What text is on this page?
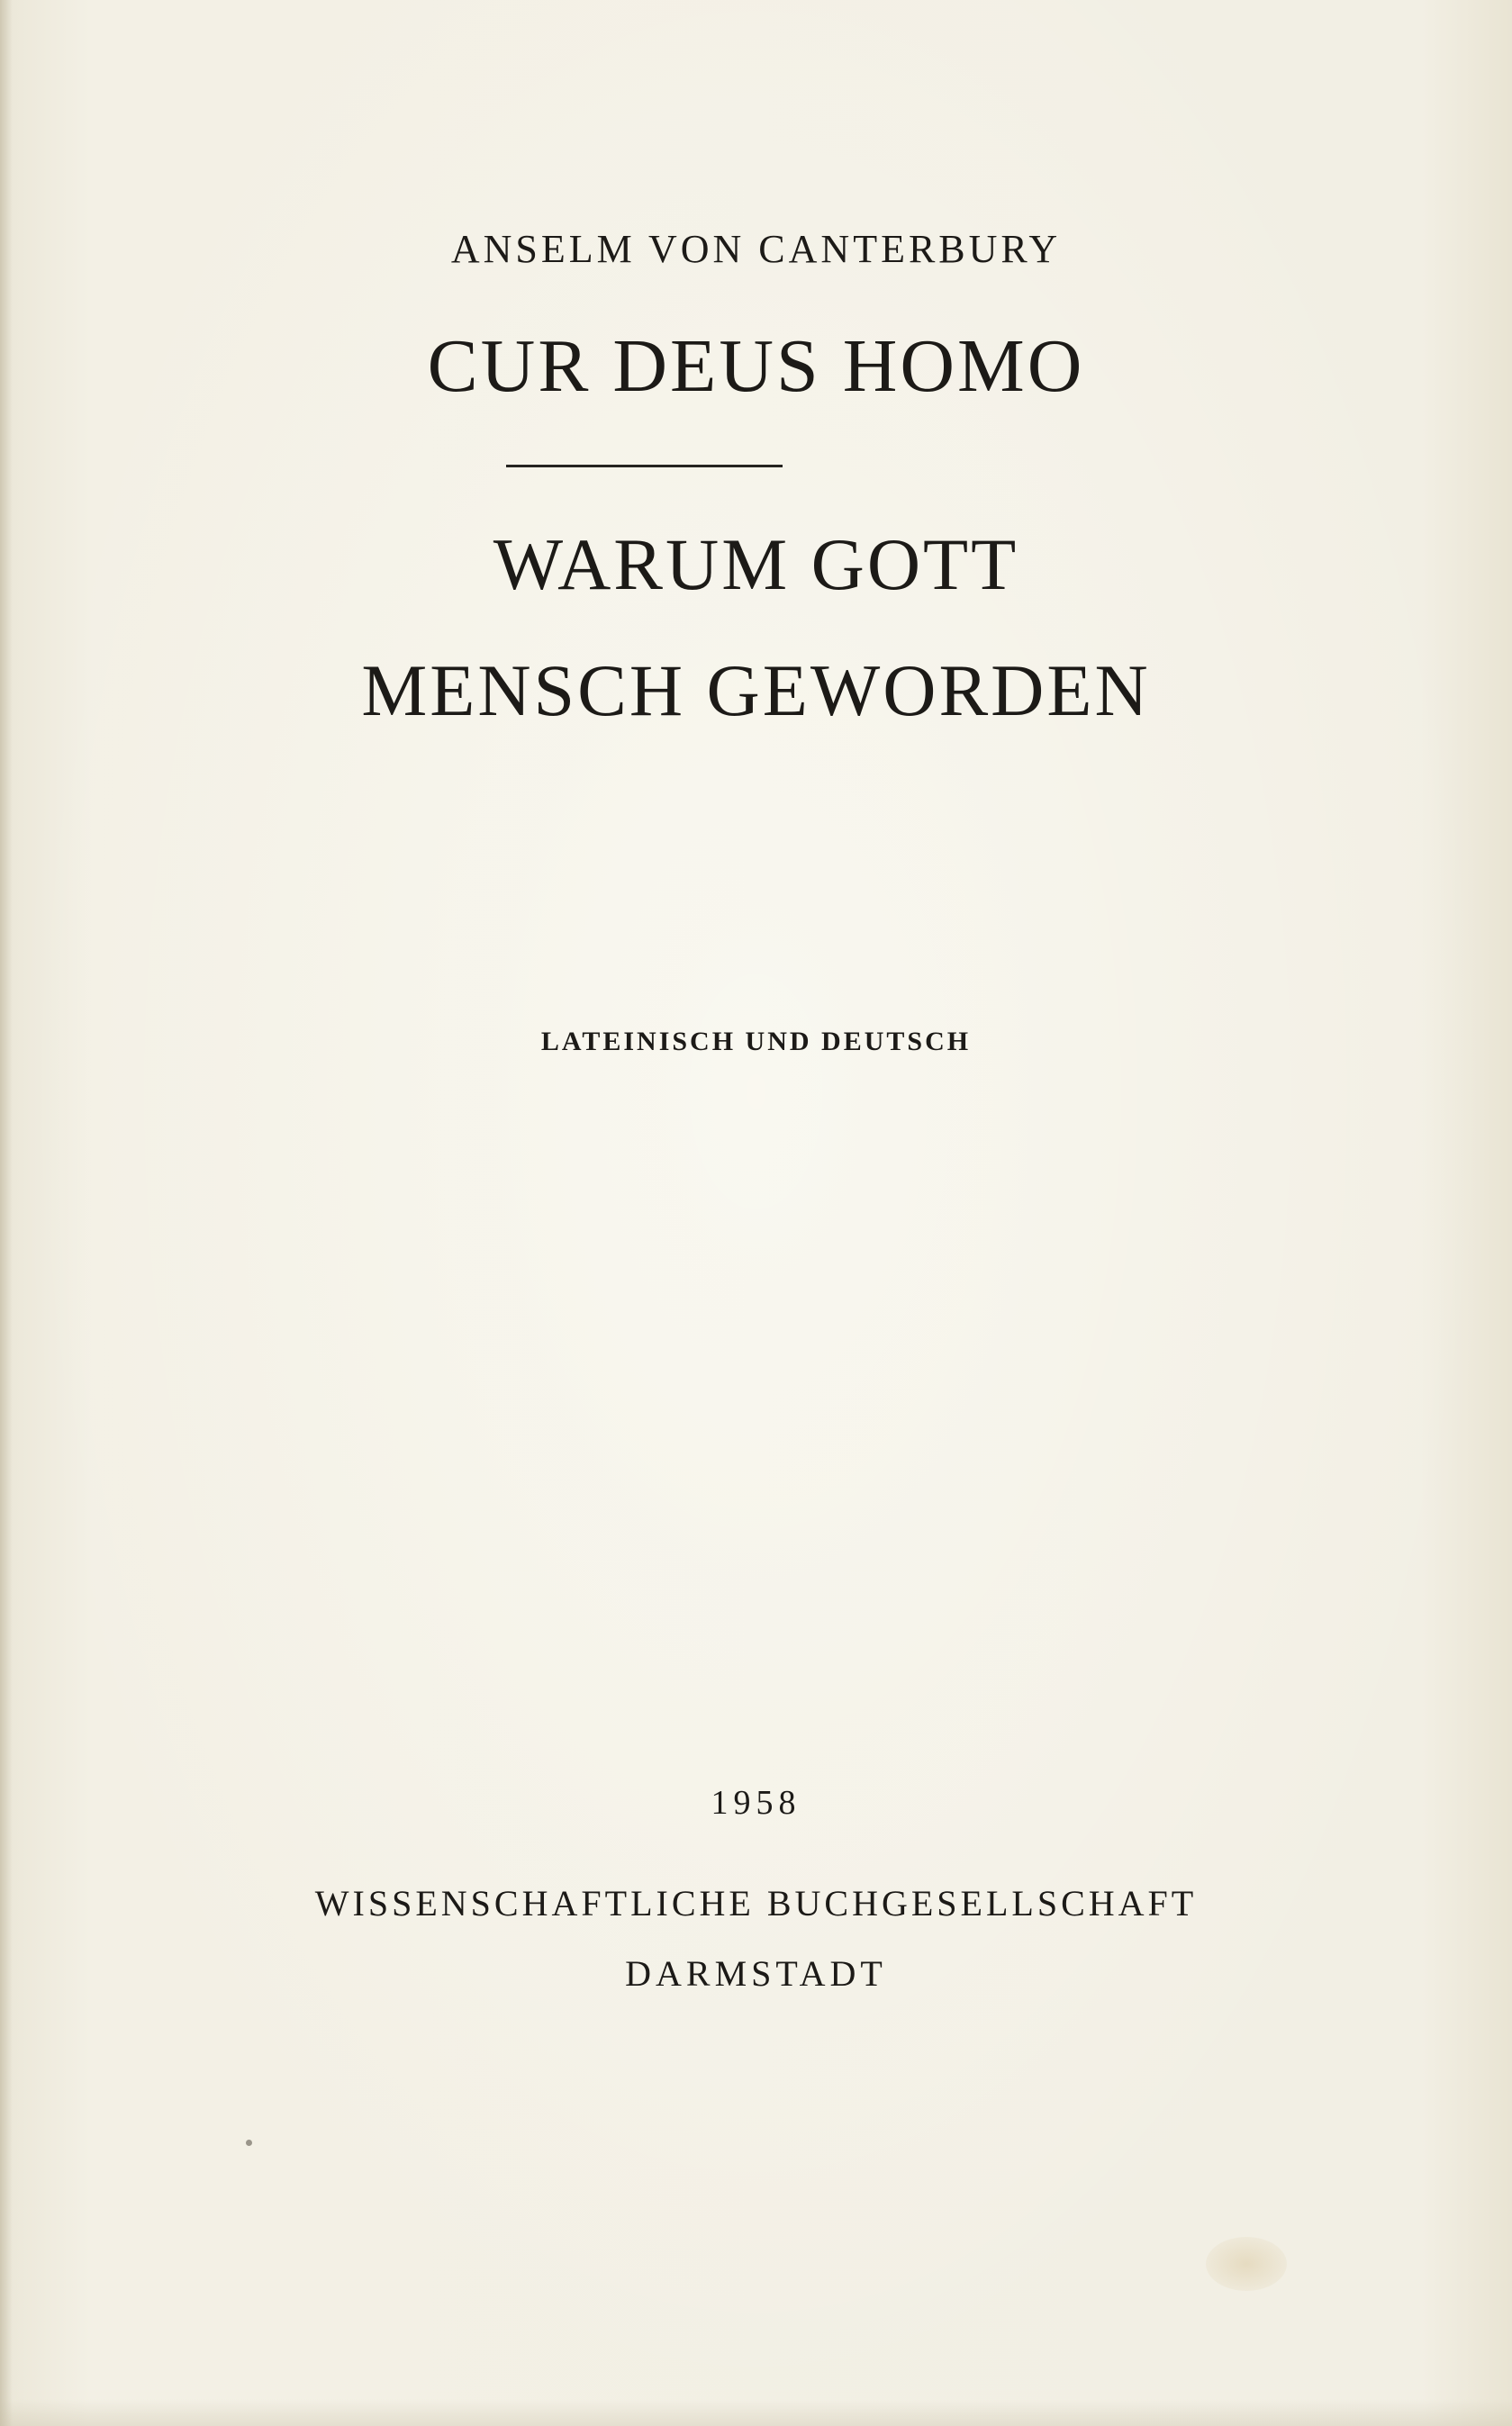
ANSELM VON CANTERBURY
CUR DEUS HOMO
WARUM GOTT
MENSCH GEWORDEN
LATEINISCH UND DEUTSCH
1958
WISSENSCHAFTLICHE BUCHGESELLSCHAFT
DARMSTADT
